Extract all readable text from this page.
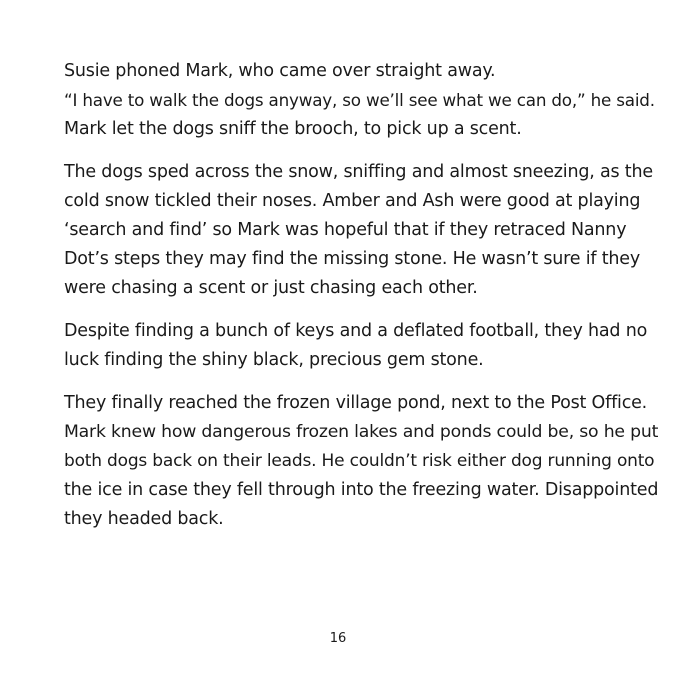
Susie phoned Mark, who came over straight away.
“I have to walk the dogs anyway, so we’ll see what we can do,” he said.
Mark let the dogs sniff the brooch, to pick up a scent.

The dogs sped across the snow, sniffing and almost sneezing, as the
cold snow tickled their noses. Amber and Ash were good at playing
‘search and find’ so Mark was hopeful that if they retraced Nanny
Dot’s steps they may find the missing stone. He wasn’t sure if they
were chasing a scent or just chasing each other.

Despite finding a bunch of keys and a deflated football, they had no
luck finding the shiny black, precious gem stone.

They finally reached the frozen village pond, next to the Post Office.
Mark knew how dangerous frozen lakes and ponds could be, so he put
both dogs back on their leads. He couldn’t risk either dog running onto
the ice in case they fell through into the freezing water. Disappointed
they headed back.

16
